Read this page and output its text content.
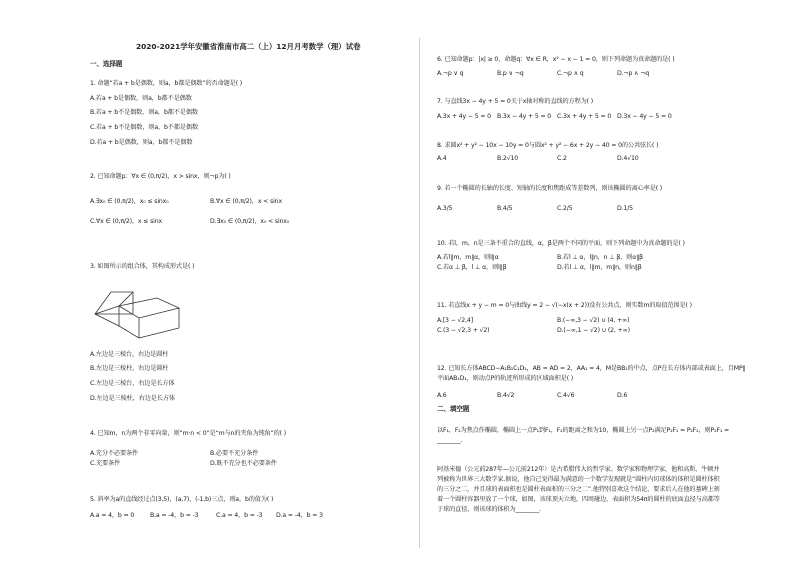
2020-2021学年安徽省淮南市高二（上）12月月考数学（理）试卷
一、选择题
1. 命题“若a + b是偶数，则a，b都是偶数”的否命题是( )
A.若a + b是偶数，则a，b都不是偶数
B.若a + b不是偶数，则a，b都不是偶数
C.若a + b不是偶数，则a，b不都是偶数
D.若a + b是偶数，则a，b都不是偶数
2. 已知命题p：∀x ∈ (0,π/2)，x > sinx，则¬p为( )
A.∃x₀ ∈ (0,π/2)，x₀ ≤ sinx₀	B.∀x ∈ (0,π/2)，x < sinx
C.∀x ∈ (0,π/2)，x ≤ sinx	D.∃x₀ ∈ (0,π/2)，x₀ < sinx₀
3. 如图所示的组合体，其构成形式是( )
A.左边是三棱台，右边是圆柱
B.左边是三棱柱，右边是圆柱
C.左边是三棱台，右边是长方体
D.左边是三棱柱，右边是长方体
4. 已知m，n为两个非零向量，则“m·n < 0”是“m与n的夹角为钝角”的( )
A.充分不必要条件	B.必要不充分条件
C.充要条件	D.既不充分也不必要条件
5. 斜率为a的直线经过点(3,5)，(a,7)，(-1,b)三点，则a，b的值为( )
A.a = 4，b = 0	B.a = -4，b = -3	C.a = 4，b = -3 D.a = -4，b = 3
6. 已知命题p：|x| ≥ 0，命题q：∀x ∈ R，x² − x − 1 = 0，则下列命题为真命题的是( )
A.¬p ∨ q	B.p ∨ ¬q	C.¬p ∧ q	D.¬p ∧ ¬q
7. 与直线3x − 4y + 5 = 0关于x轴对称的直线的方程为( )
A.3x + 4y − 5 = 0 B.3x − 4y + 5 = 0 C.3x + 4y + 5 = 0 D.3x − 4y − 5 = 0
8. 求圆x² + y² − 10x − 10y = 0与圆x² + y² − 6x + 2y − 40 = 0的公共弦长( )
A.4	B.2√10	C.2	D.4√10
9. 若一个椭圆的长轴的长度、短轴的长度和焦距成等差数列，则该椭圆的离心率是( )
A.3/5	B.4/5	C.2/5	D.1/5
10. 若l，m，n是三条不重合的直线，α，β是两个不同的平面，则下列命题中为真命题的是( )
A.若l∥m，m∥α，则l∥α	B.若l ⊥ α，l∥n，n ⊥ β，则α∥β
C.若α ⊥ β，l ⊥ α，则l∥β	D.若l ⊥ α，l∥m，m∥n，则n∥β
11. 若直线x + y − m = 0与曲线y = 2 − √(−x(x + 2))没有公共点，则实数m的取值范围是( )
A.[3 − √2,4]	B.(−∞,3 − √2) ∪ (4, +∞)
C.(3 − √2,3 + √2)	D.(−∞,1 − √2) ∪ (2, +∞)
12. 已知长方体ABCD−A₁B₁C₁D₁，AB = AD = 2，AA₁ = 4，M是BB₁的中点，点P在长方体内部或表面上，且MP∥
平面AB₁D₁，则动点P的轨迹所形成的区域面积是( )
A.6	B.4√2	C.4√6	D.6
二、填空题
以F₁，F₂为焦点作椭圆，椭圆上一点P₁到F₁，F₂的距离之和为10，椭圆上另一点P₂满足P₂F₁ = P₂F₂，则P₂F₁ =
________.
阿基米德（公元前287年—公元前212年）是古希腊伟大的哲学家、数学家和物理学家，他和高斯、牛顿并
列被称为世界三大数学家.据说，他自己觉得最为满意的一个数学发现就是“圆柱内切球体的体积是圆柱体积
的三分之二，并且球的表面积也是圆柱表面积的三分之二”.他特别喜欢这个结论，要求后人在他的墓碑上刻
着一个圆柱容器里放了一个球，如图，该球顶天立地，四周碰边，表面积为54π的圆柱的底面直径与高都等
于球的直径，则该球的体积为________.
